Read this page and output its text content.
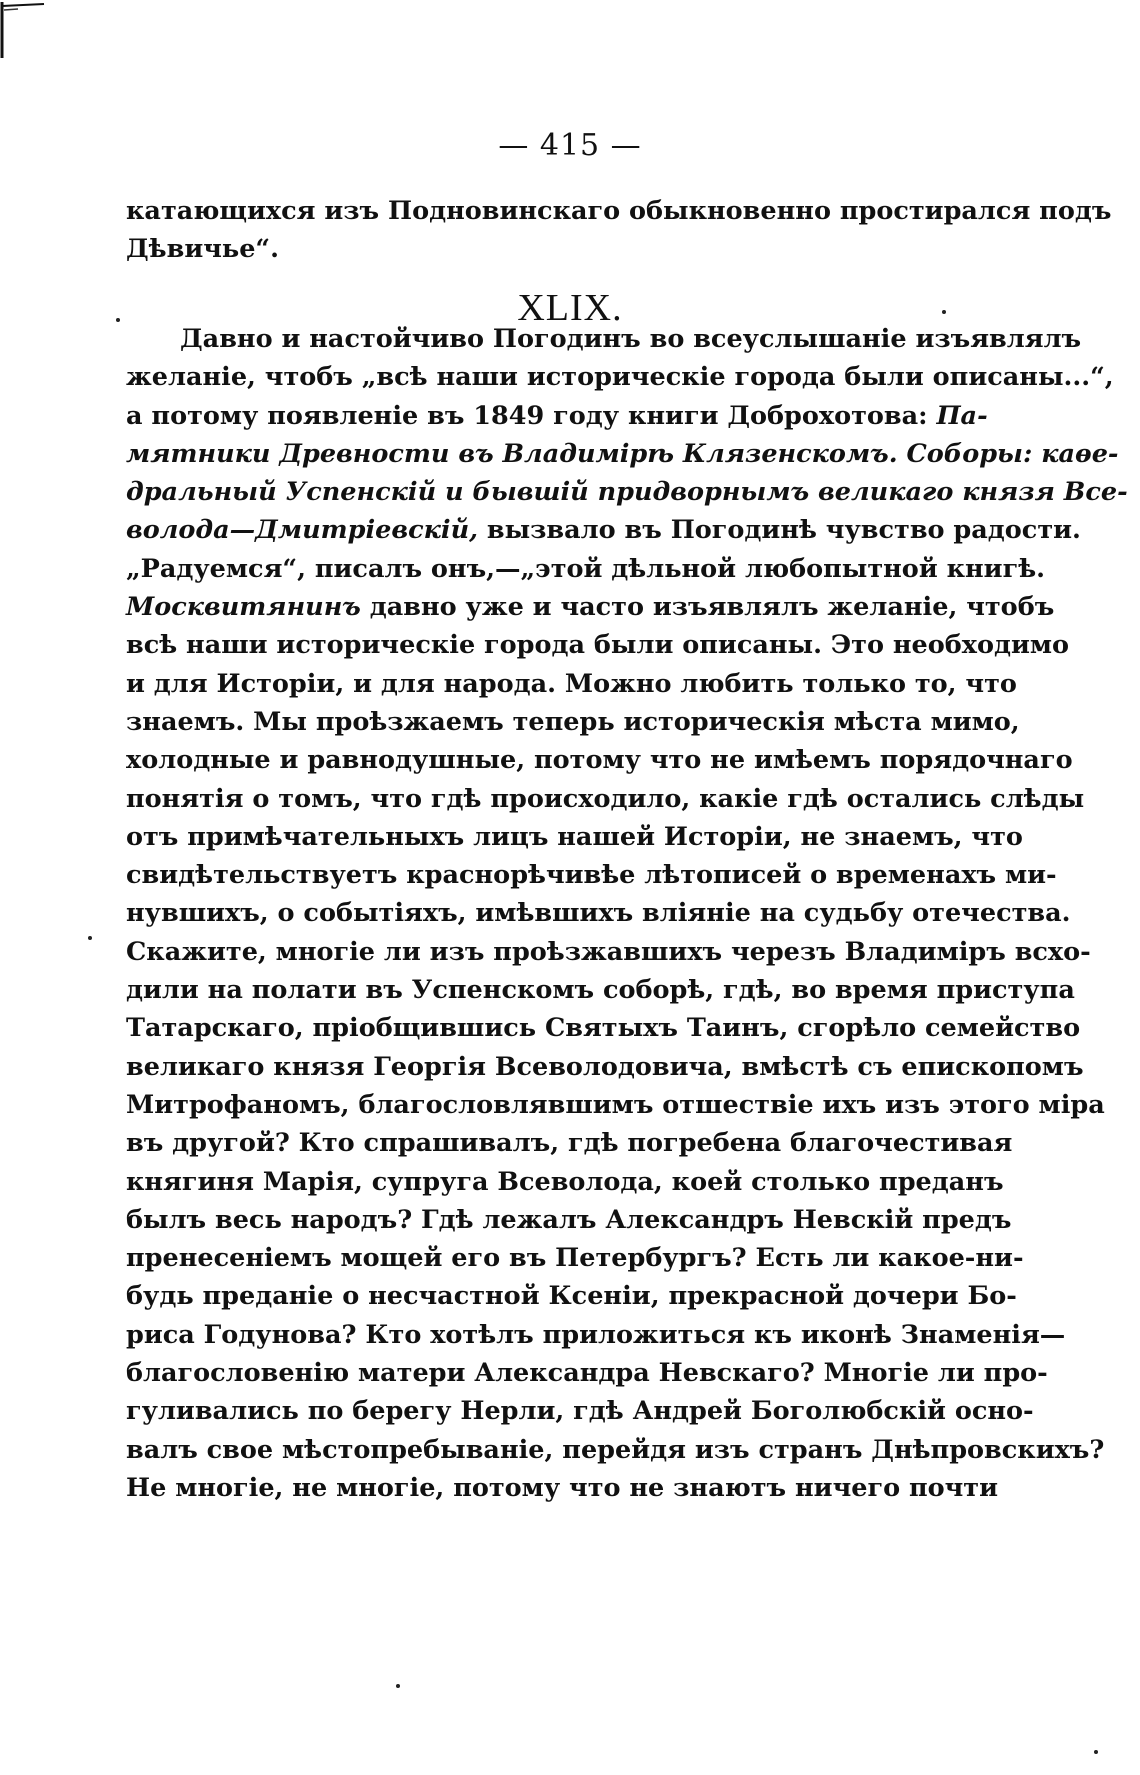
— 415 —
катающихся изъ Подновинскаго обыкновенно простирался подъ
Дѣвичье“.
XLIX.
Давно и настойчиво Погодинъ во всеуслышаніе изъявлялъ
желаніе, чтобъ „всѣ наши историческіе города были описаны...“,
а потому появленіе въ 1849 году книги Доброхотова: Па-
мятники Древности въ Владимірѣ Клязенскомъ. Соборы: каѳе-
дральный Успенскій и бывшій придворнымъ великаго князя Все-
волода—Дмитріевскій, вызвало въ Погодинѣ чувство радости.
„Радуемся“, писалъ онъ,—„этой дѣльной любопытной книгѣ.
Москвитянинъ давно уже и часто изъявлялъ желаніе, чтобъ
всѣ наши историческіе города были описаны. Это необходимо
и для Исторіи, и для народа. Можно любить только то, что
знаемъ. Мы проѣзжаемъ теперь историческія мѣста мимо,
холодные и равнодушные, потому что не имѣемъ порядочнаго
понятія о томъ, что гдѣ происходило, какіе гдѣ остались слѣды
отъ примѣчательныхъ лицъ нашей Исторіи, не знаемъ, что
свидѣтельствуетъ краснорѣчивѣе лѣтописей о временахъ ми-
нувшихъ, о событіяхъ, имѣвшихъ вліяніе на судьбу отечества.
Скажите, многіе ли изъ проѣзжавшихъ черезъ Владиміръ всхо-
дили на полати въ Успенскомъ соборѣ, гдѣ, во время приступа
Татарскаго, пріобщившись Святыхъ Таинъ, сгорѣло семейство
великаго князя Георгія Всеволодовича, вмѣстѣ съ епископомъ
Митрофаномъ, благословлявшимъ отшествіе ихъ изъ этого міра
въ другой? Кто спрашивалъ, гдѣ погребена благочестивая
княгиня Марія, супруга Всеволода, коей столько преданъ
былъ весь народъ? Гдѣ лежалъ Александръ Невскій предъ
пренесеніемъ мощей его въ Петербургъ? Есть ли какое-ни-
будь преданіе о несчастной Ксеніи, прекрасной дочери Бо-
риса Годунова? Кто хотѣлъ приложиться къ иконѣ Знаменія—
благословенію матери Александра Невскаго? Многіе ли про-
гуливались по берегу Нерли, гдѣ Андрей Боголюбскій осно-
валъ свое мѣстопребываніе, перейдя изъ странъ Днѣпровскихъ?
Не многіе, не многіе, потому что не знаютъ ничего почти
